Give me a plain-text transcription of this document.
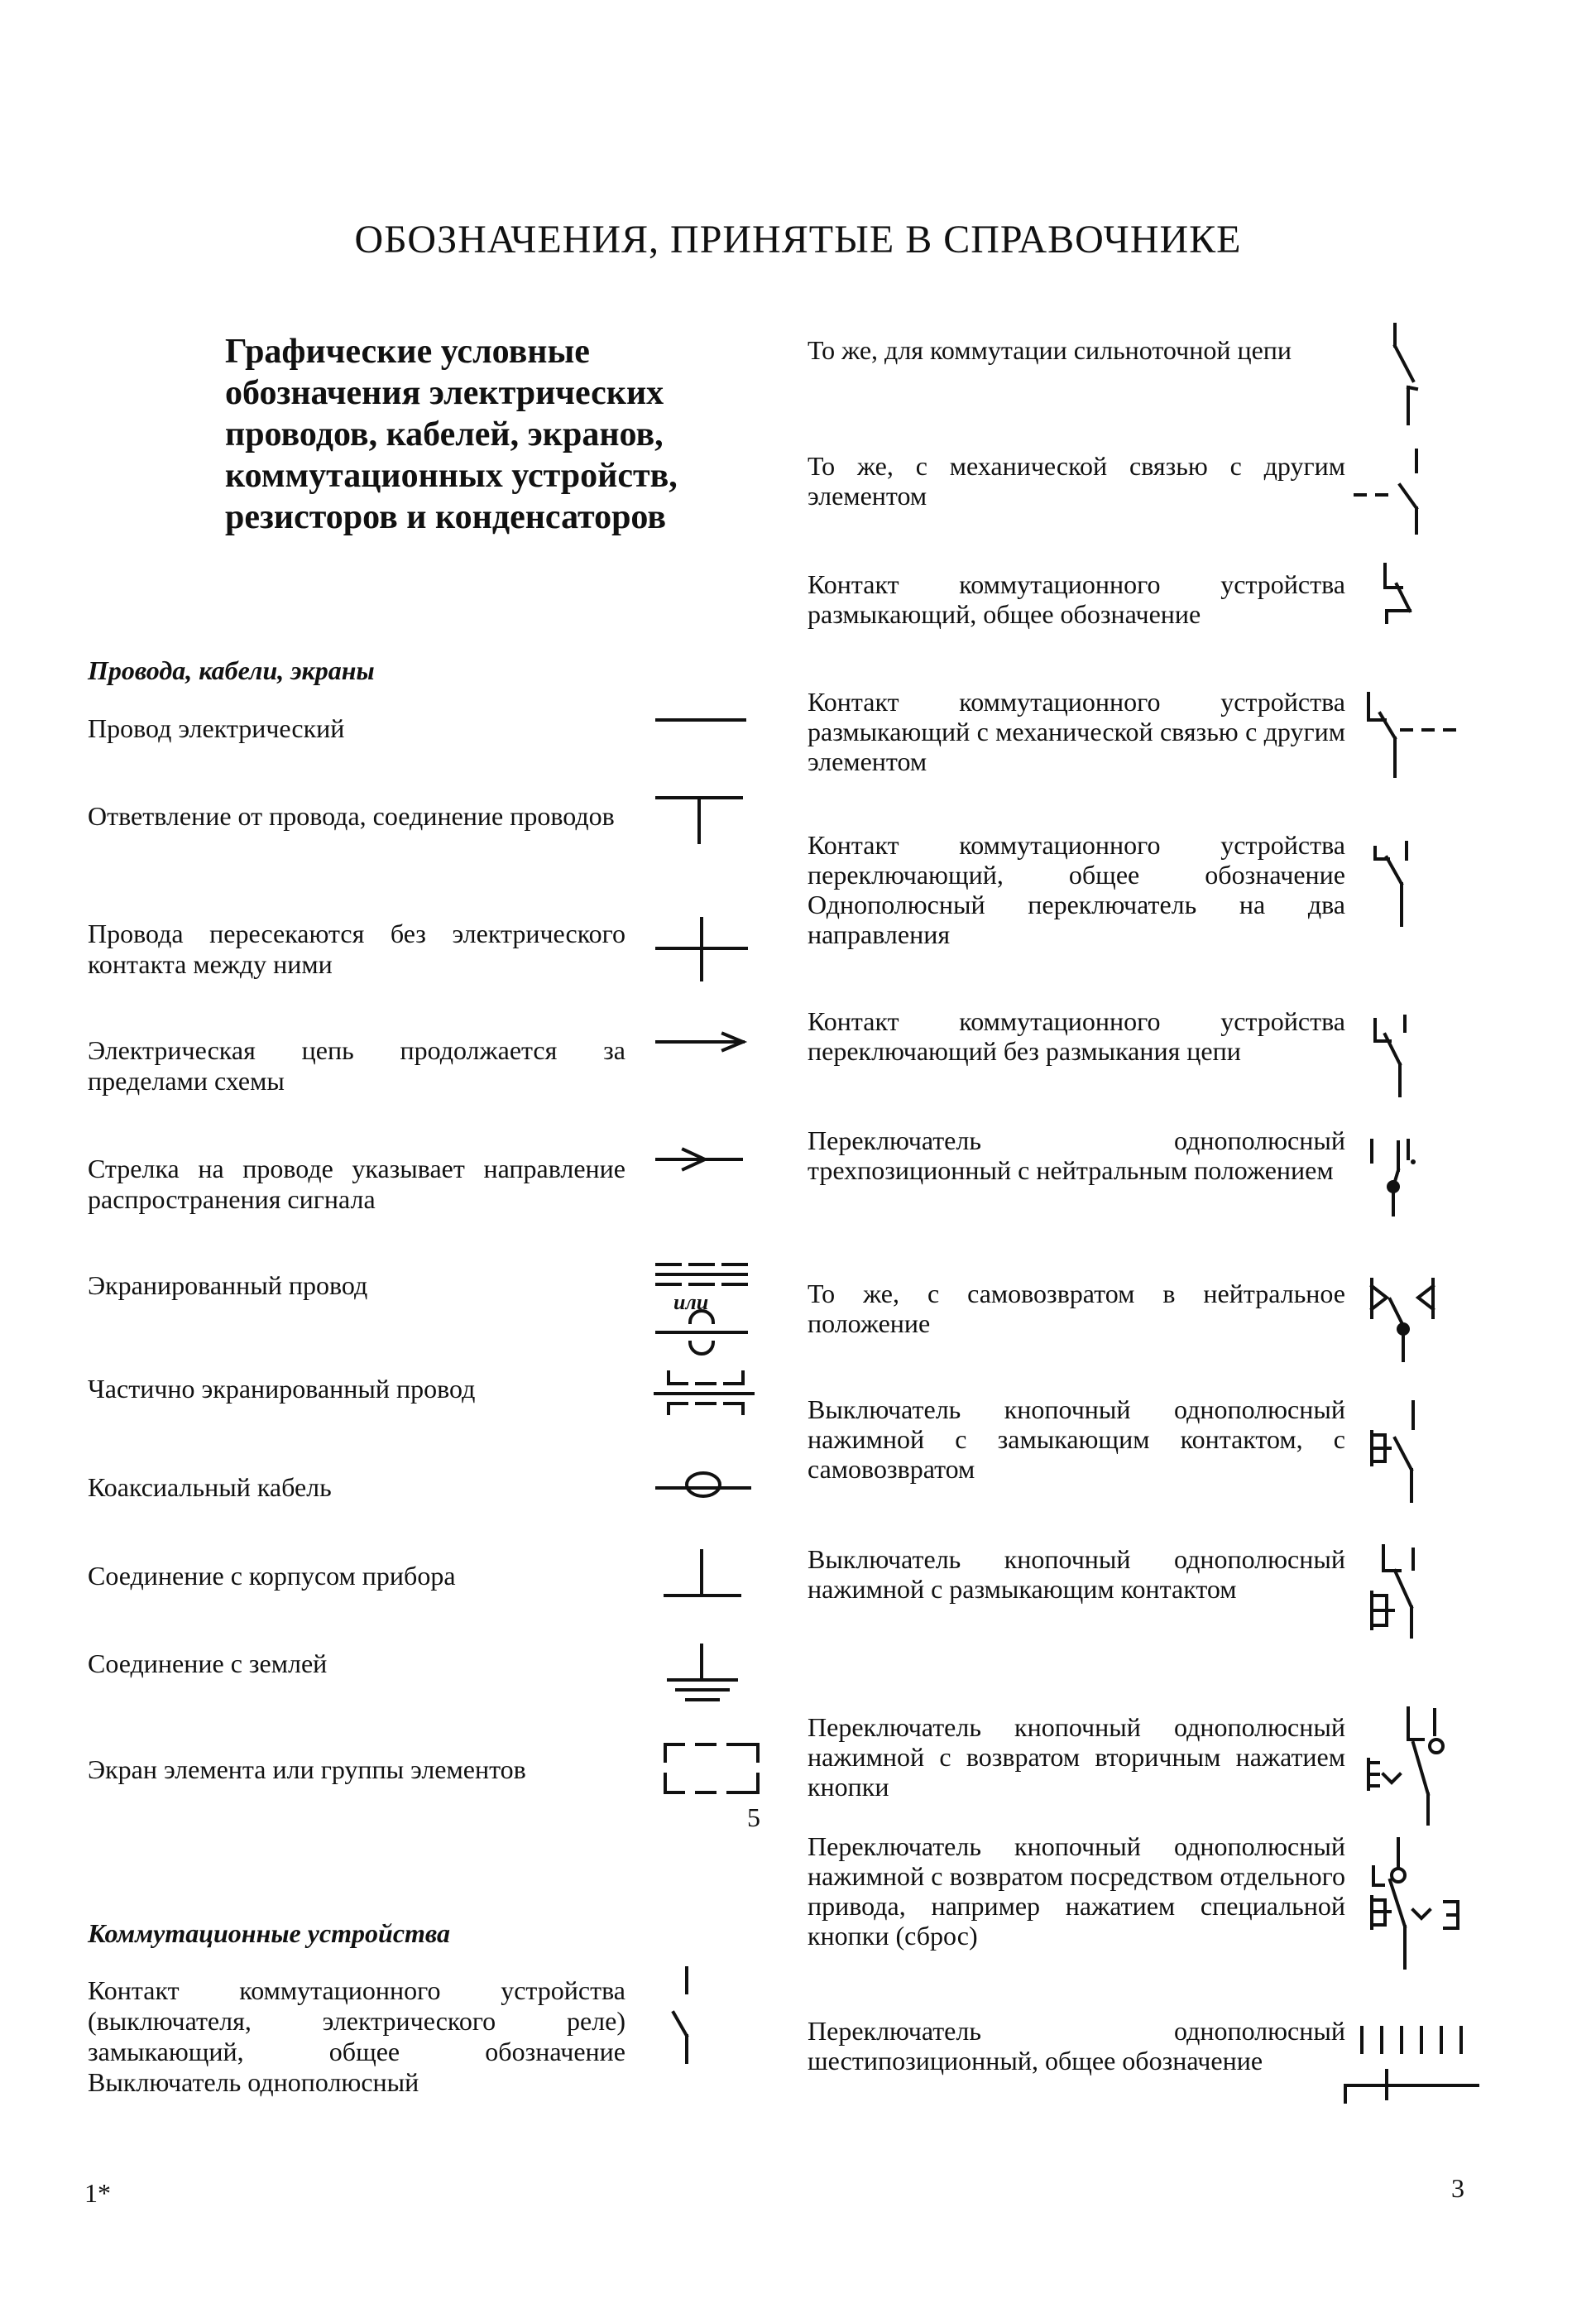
ОБОЗНАЧЕНИЯ, ПРИНЯТЫЕ В СПРАВОЧНИКЕ
Графические условные обозначения электрических проводов, кабелей, экранов, коммутационных устройств, резисторов и конденсаторов
Провода, кабели, экраны
Провод электрический
Ответвление от провода, соединение проводов
Провода пересекаются без электрического контакта между ними
Электрическая цепь продолжается за пределами схемы
Стрелка на проводе указывает направление распространения сигнала
Экранированный провод
или
Частично экранированный провод
Коаксиальный кабель
Соединение с корпусом прибора
Соединение с землей
Экран элемента или группы элементов
5
Коммутационные устройства
Контакт коммутационного устройства (выключателя, электрического реле) замыкающий, общее обозначение Выключатель однополюсный
То же, для коммутации сильноточной цепи
То же, с механической связью с другим элементом
Контакт коммутационного устройства размыкающий, общее обозначение
Контакт коммутационного устройства размыкающий с механической связью с другим элементом
Контакт коммутационного устройства переключающий, общее обозначение Однополюсный переключатель на два направления
Контакт коммутационного устройства переключающий без размыкания цепи
Переключатель однополюсный трехпозиционный с нейтральным положением
То же, с самовозвратом в нейтральное положение
Выключатель кнопочный однополюсный нажимной с замыкающим контактом, с самовозвратом
Выключатель кнопочный однополюсный нажимной с размыкающим контактом
Переключатель кнопочный однополюсный нажимной с возвратом вторичным нажатием кнопки
Переключатель кнопочный однополюсный нажимной с возвратом посредством отдельного привода, например нажатием специальной кнопки (сброс)
Переключатель однополюсный шестипозиционный, общее обозначение
1*	3
